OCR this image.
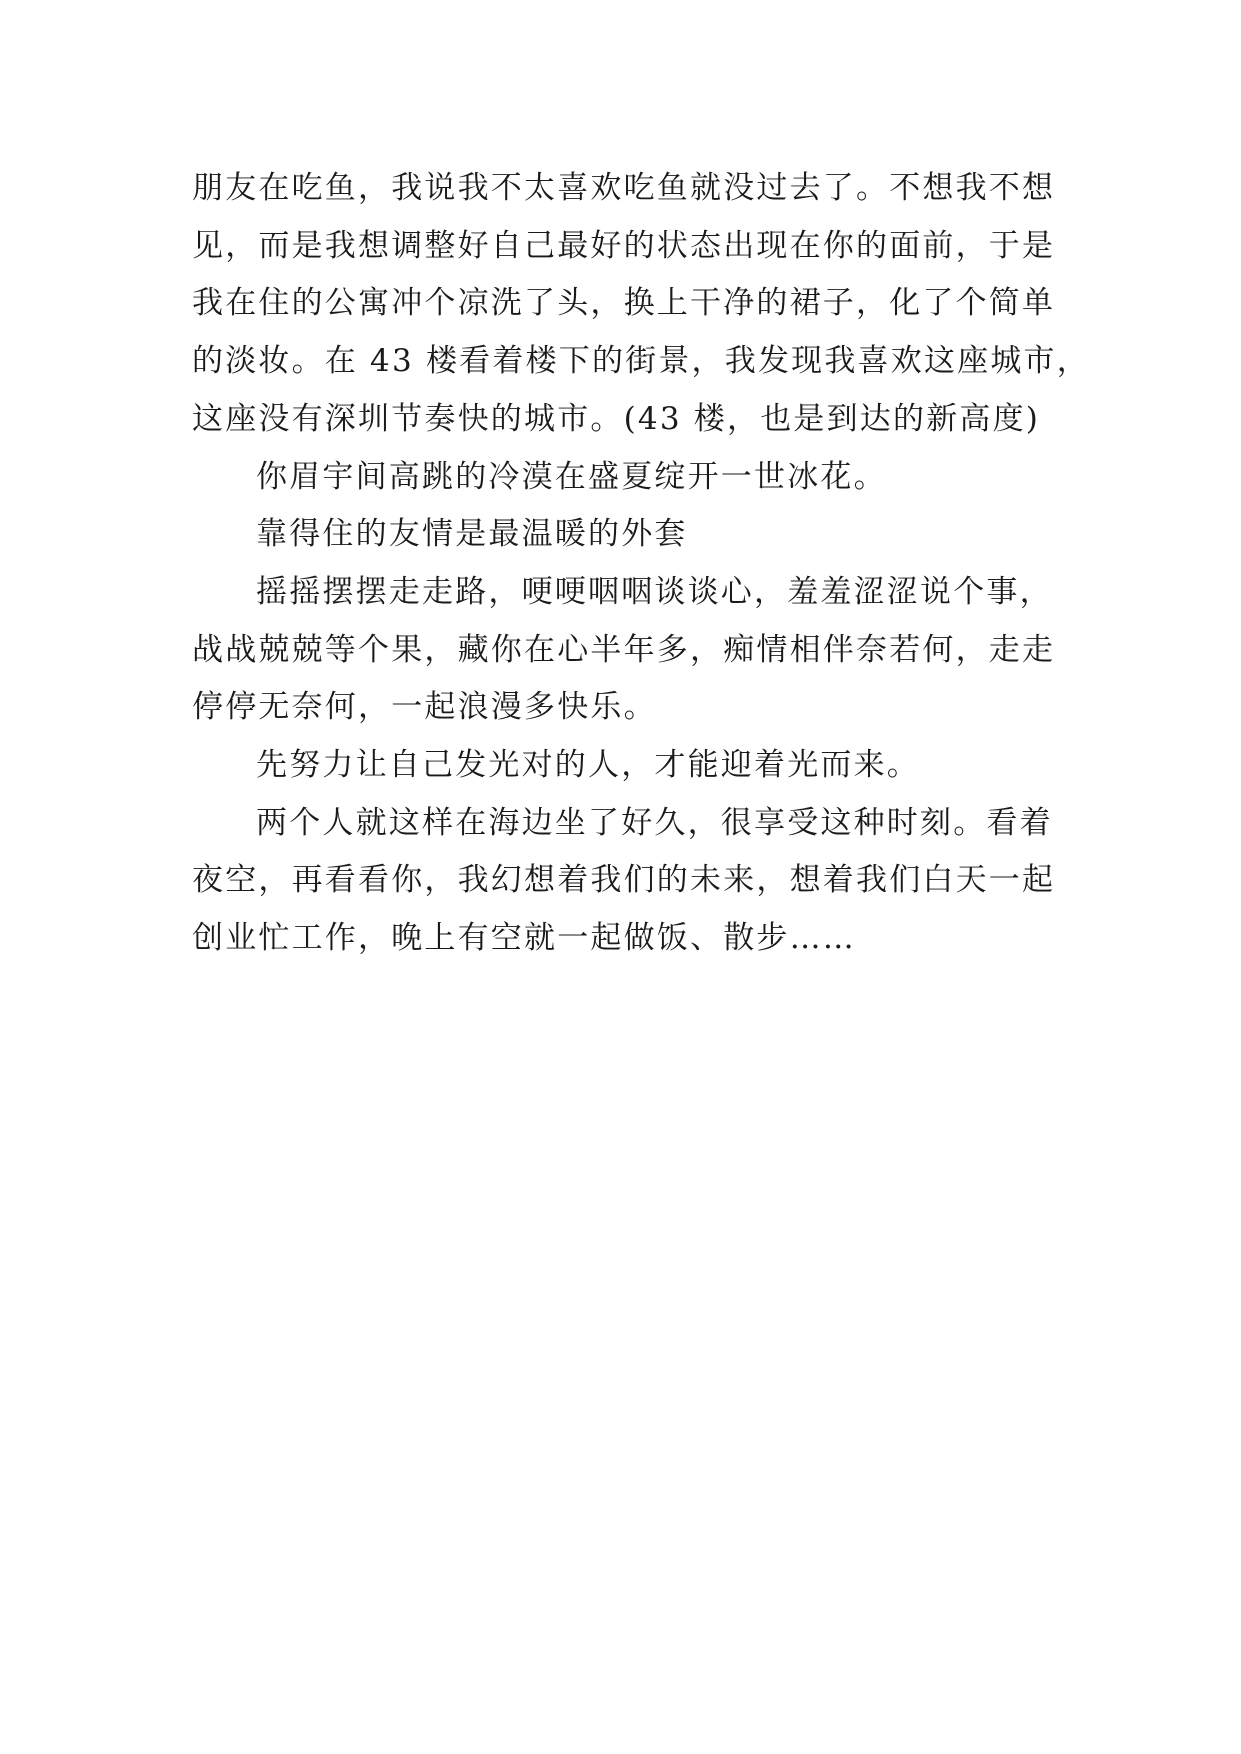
朋友在吃鱼，我说我不太喜欢吃鱼就没过去了。不想我不想
见，而是我想调整好自己最好的状态出现在你的面前，于是
我在住的公寓冲个凉洗了头，换上干净的裙子，化了个简单
的淡妆。在 43 楼看着楼下的街景，我发现我喜欢这座城市，
这座没有深圳节奏快的城市。(43 楼，也是到达的新高度)

你眉宇间高跳的冷漠在盛夏绽开一世冰花。

靠得住的友情是最温暖的外套

摇摇摆摆走走路，哽哽咽咽谈谈心，羞羞涩涩说个事，
战战兢兢等个果，藏你在心半年多，痴情相伴奈若何，走走
停停无奈何，一起浪漫多快乐。

先努力让自己发光对的人，才能迎着光而来。

两个人就这样在海边坐了好久，很享受这种时刻。看着
夜空，再看看你，我幻想着我们的未来，想着我们白天一起
创业忙工作，晚上有空就一起做饭、散步……
